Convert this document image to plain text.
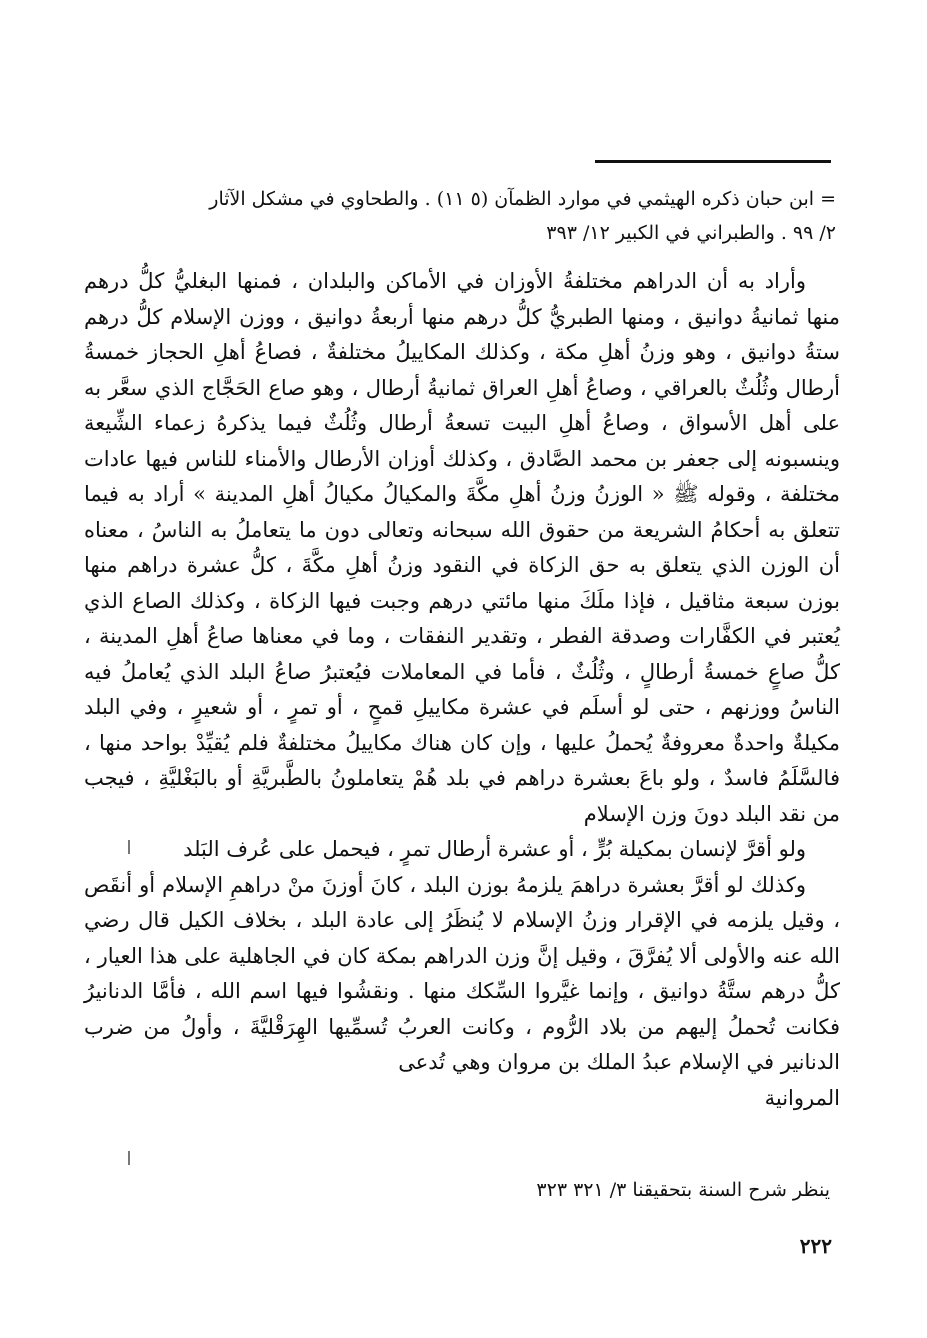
= ابن حبان ذكره الهيثمي في موارد الظمآن (٥ ١١) . والطحاوي في مشكل الآثار

٢/ ٩٩ . والطبراني في الكبير ١٢/ ٣٩٣

وأراد به أن الدراهم مختلفةُ الأوزان في الأماكن والبلدان ، فمنها البغليُّ كلُّ درهم منها ثمانيةُ دوانيق ، ومنها الطبريُّ كلُّ درهم منها أربعةُ دوانيق ، ووزن الإسلام كلُّ درهم ستةُ دوانيق ، وهو وزنُ أهلِ مكة ، وكذلك المكاييلُ مختلفةٌ ، فصاعُ أهلِ الحجاز خمسةُ أرطال وثُلُثٌ بالعراقي ، وصاعُ أهلِ العراق ثمانيةُ أرطال ، وهو صاع الحَجَّاج الذي سعَّر به على أهل الأسواق ، وصاعُ أهلِ البيت تسعةُ أرطال وثُلُثٌ فيما يذكرهُ زعماء الشِّيعة وينسبونه إلى جعفر بن محمد الصَّادق ، وكذلك أوزان الأرطال والأمناء للناس فيها عادات مختلفة ، وقوله ﷺ « الوزنُ وزنُ أهلِ مكَّةَ والمكيالُ مكيالُ أهلِ المدينة » أراد به فيما تتعلق به أحكامُ الشريعة من حقوق الله سبحانه وتعالى دون ما يتعاملُ به الناسُ ، معناه أن الوزن الذي يتعلق به حق الزكاة في النقود وزنُ أهلِ مكَّةَ ، كلُّ عشرة دراهم منها بوزن سبعة مثاقيل ، فإذا ملَكَ منها مائتي درهم وجبت فيها الزكاة ، وكذلك الصاع الذي يُعتبر في الكفَّارات وصدقة الفطر ، وتقدير النفقات ، وما في معناها صاعُ أهلِ المدينة ، كلُّ صاعٍ خمسةُ أرطالٍ ، وثُلُثٌ ، فأما في المعاملات فيُعتبرُ صاعُ البلد الذي يُعاملُ فيه الناسُ ووزنهم ، حتى لو أسلَم في عشرة مكاييلِ قمحٍ ، أو تمرٍ ، أو شعيرٍ ، وفي البلد مكيلةٌ واحدةٌ معروفةٌ يُحملُ عليها ، وإن كان هناك مكاييلُ مختلفةٌ فلم يُقيِّدْ بواحد منها ، فالسَّلَمُ فاسدٌ ، ولو باعَ بعشرة دراهم في بلد هُمْ يتعاملونُ بالطَّبريَّةِ أو بالبَغْليَّةِ ، فيجب من نقد البلد دونَ وزن الإسلام

ولو أقرَّ لإنسان بمكيلة بُرٍّ ، أو عشرة أرطال تمرٍ ، فيحمل على عُرف البَلد

وكذلك لو أقرَّ بعشرة دراهمَ يلزمهُ بوزن البلد ، كانَ أوزنَ منْ دراهمِ الإسلام أو أنقَص ، وقيل يلزمه في الإقرار وزنُ الإسلام لا يُنظَرُ إلى عادة البلد ، بخلاف الكيل قال رضي الله عنه والأولى ألا يُفرَّقَ ، وقيل إنَّ وزن الدراهم بمكة كان في الجاهلية على هذا العيار ، كلُّ درهم ستَّةُ دوانيق ، وإنما غيَّروا السِّكك منها . ونقشُوا فيها اسم الله ، فأمَّا الدنانيرُ فكانت تُحملُ إليهم من بلاد الرُّوم ، وكانت العربُ تُسمِّيها الهِرَقْليَّةَ ، وأولُ من ضرب الدنانير في الإسلام عبدُ الملك بن مروان وهي تُدعى

المروانية

ينظر شرح السنة بتحقيقنا ٣/ ٣٢١ ٣٢٣
٢٢٢
